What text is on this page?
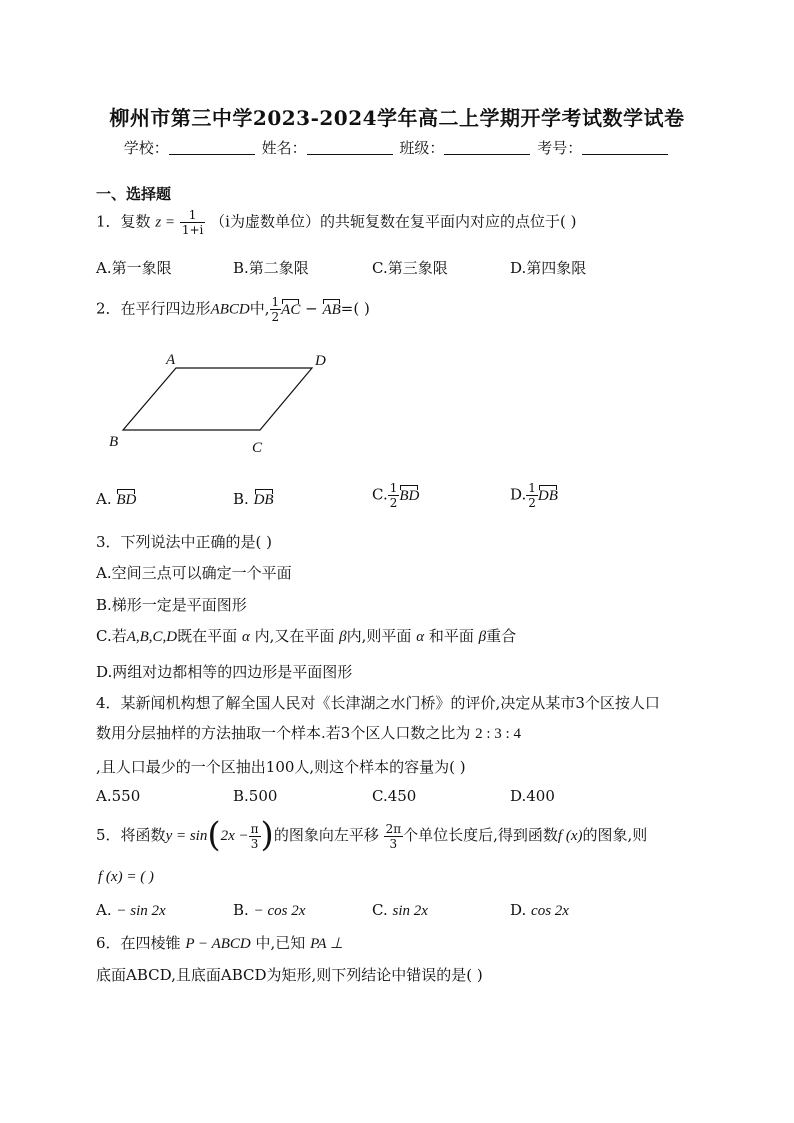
柳州市第三中学2023-2024学年高二上学期开学考试数学试卷
学校：	姓名：	班级：	考号：
一、选择题
1．复数 $z = \frac{1}{1+i} (i$为虚数单位）的共轭复数在复平面内对应的点位于( )
A.第一象限	B.第二象限	C.第三象限	D.第四象限
2．在平行四边形ABCD中, $\frac{1}{2}$ AC − AB=( )
A	D
B	C
A. BD	B. DB	C. $\frac{1}{2}$ BD	D. $\frac{1}{2}$ DB
3．下列说法中正确的是( )
A.空间三点可以确定一个平面
B.梯形一定是平面图形
C.若A,B,C,D既在平面 α 内,又在平面 β内,则平面 α 和平面 β重合
D.两组对边都相等的四边形是平面图形
4．某新闻机构想了解全国人民对《长津湖之水门桥》的评价,决定从某市3个区按人口
数用分层抽样的方法抽取一个样本.若3个区人口数之比为 2 : 3 : 4
,且人口最少的一个区抽出100人,则这个样本的容量为( )
A.550	B.500	C.450	D.400
5．将函数$y = \sin(2x - \frac{\pi}{3}$ )的图象向左平移 $\frac{2\pi}{3}$ 个单位长度后,得到函数f (x)的图象,则
f (x) = ( )
A. − sin 2x	B. − cos 2x	C. sin 2x	D. cos 2x
6．在四棱锥 P − ABCD 中,已知 PA ⊥
底面ABCD,且底面ABCD为矩形,则下列结论中错误的是( )
